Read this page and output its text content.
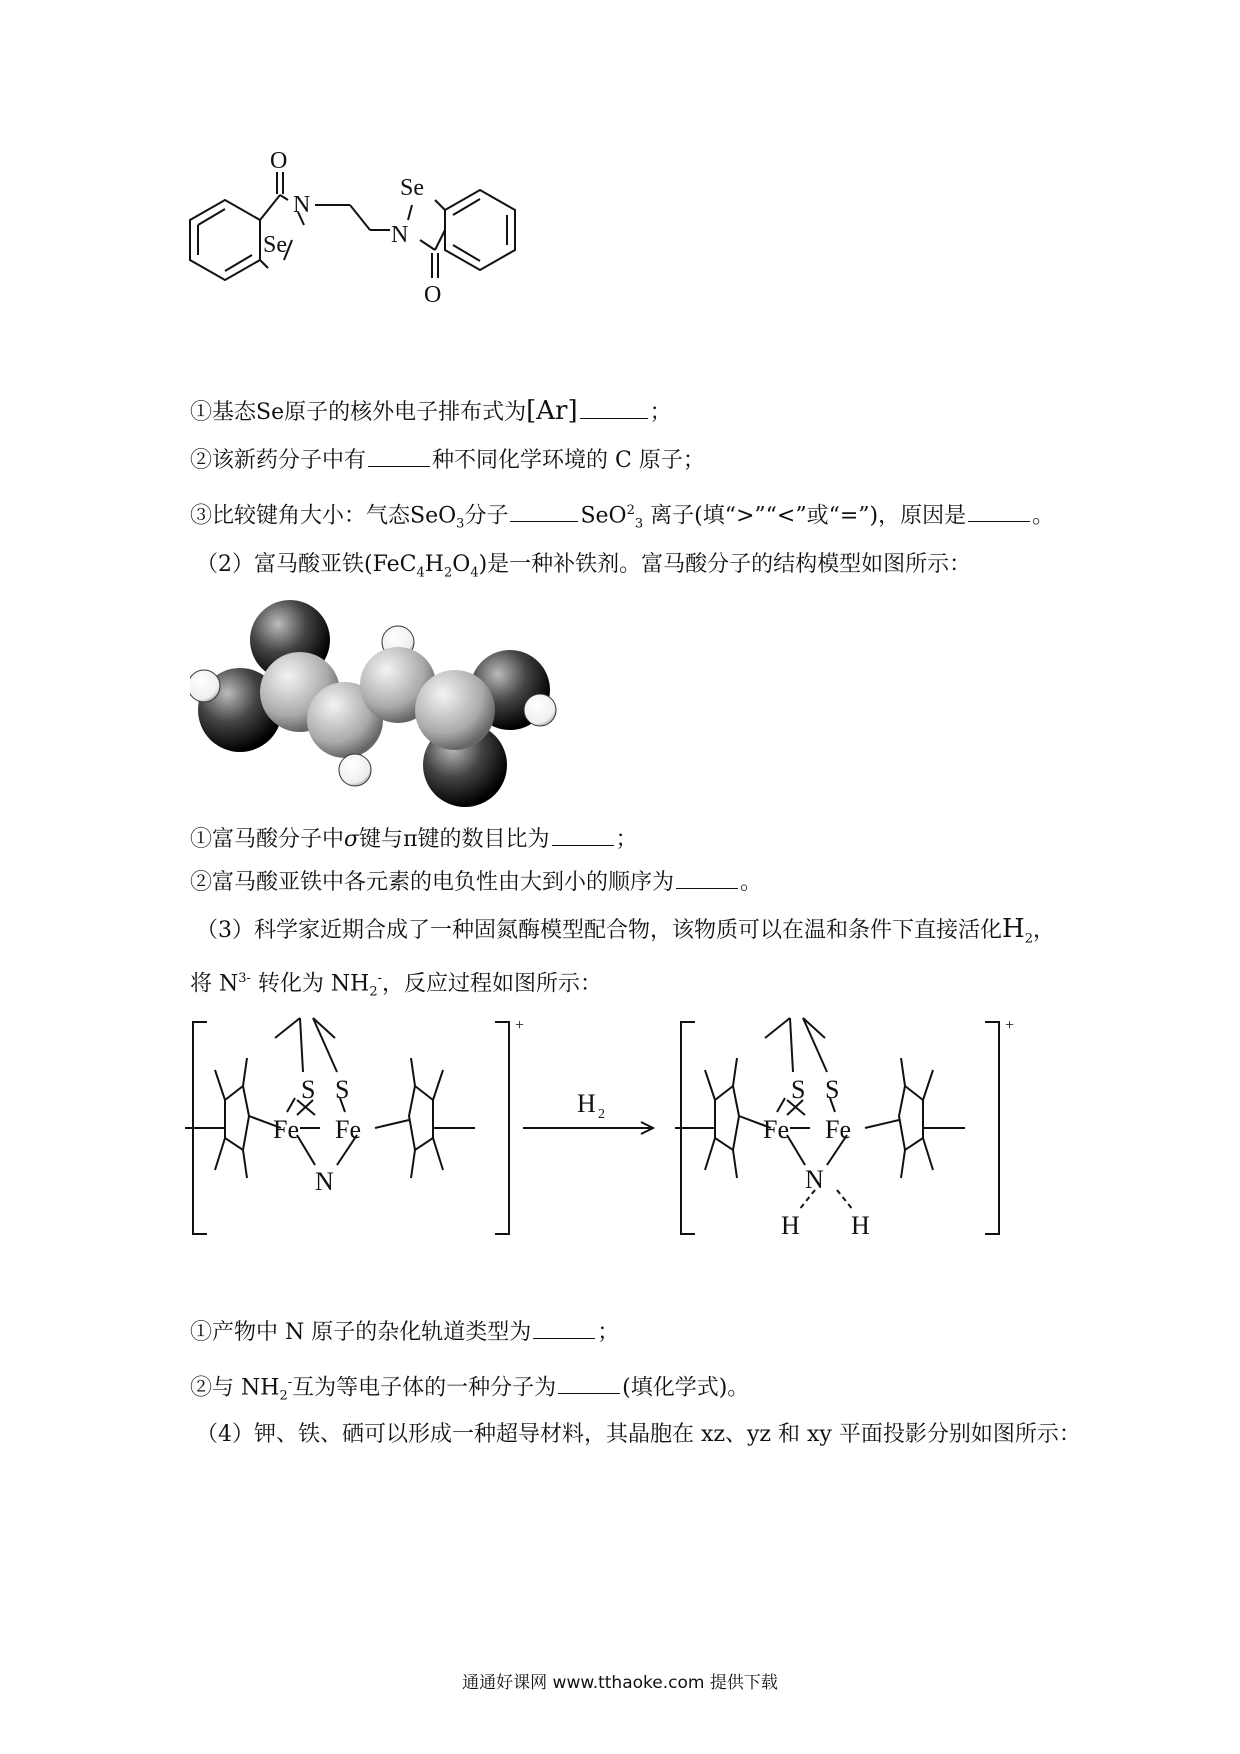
O
N
Se
Se
N
O
①基态Se原子的核外电子排布式为[Ar]	；
②该新药分子中有	种不同化学环境的 C 原子；
③比较键角大小：气态SeO$_3$分子	SeO$^2_3$ 离子(填“>”“<”或“=”)，原因是	。
（2）富马酸亚铁$(FeC_4H_2O_4)$是一种补铁剂。富马酸分子的结构模型如图所示：
①富马酸分子中σ键与π键的数目比为	；
②富马酸亚铁中各元素的电负性由大到小的顺序为	。
（3）科学家近期合成了一种固氮酶模型配合物，该物质可以在温和条件下直接活化$H_2$，
将 $N^{3-}$ 转化为 $NH_2^-$，反应过程如图所示：
S S
Fe Fe
N
+
H 2
S S
Fe Fe
N
H H
+
①产物中 N 原子的杂化轨道类型为	；
②与 $NH_2^-$互为等电子体的一种分子为	(填化学式)。
（4）钾、铁、硒可以形成一种超导材料，其晶胞在 xz、yz 和 xy 平面投影分别如图所示：
通通好课网 www.tthaoke.com 提供下载
